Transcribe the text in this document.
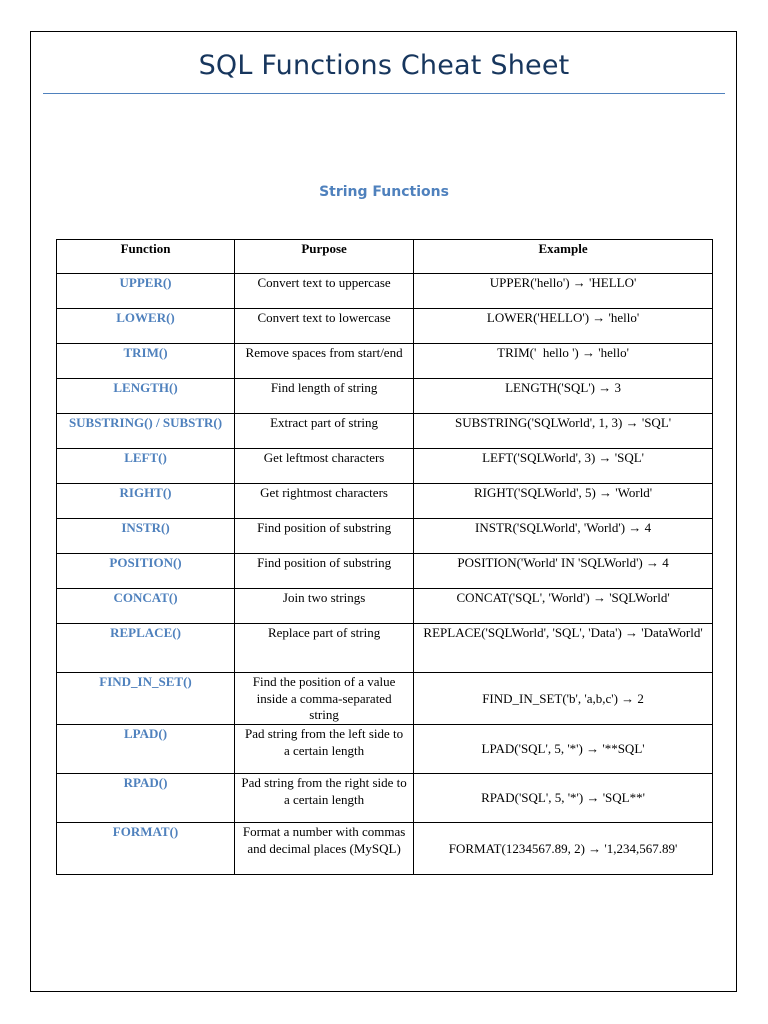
SQL Functions Cheat Sheet
String Functions
Function	Purpose	Example
UPPER()	Convert text to uppercase	UPPER('hello') → 'HELLO'
LOWER()	Convert text to lowercase	LOWER('HELLO') → 'hello'
TRIM()	Remove spaces from start/end	TRIM('  hello ') → 'hello'
LENGTH()	Find length of string	LENGTH('SQL') → 3
SUBSTRING() / SUBSTR()	Extract part of string	SUBSTRING('SQLWorld', 1, 3) → 'SQL'
LEFT()	Get leftmost characters	LEFT('SQLWorld', 3) → 'SQL'
RIGHT()	Get rightmost characters	RIGHT('SQLWorld', 5) → 'World'
INSTR()	Find position of substring	INSTR('SQLWorld', 'World') → 4
POSITION()	Find position of substring	POSITION('World' IN 'SQLWorld') → 4
CONCAT()	Join two strings	CONCAT('SQL', 'World') → 'SQLWorld'
REPLACE()	Replace part of string	REPLACE('SQLWorld', 'SQL', 'Data') → 'DataWorld'
FIND_IN_SET()	Find the position of a value inside a comma-separated string	FIND_IN_SET('b', 'a,b,c') → 2
LPAD()	Pad string from the left side to a certain length	LPAD('SQL', 5, '*') → '**SQL'
RPAD()	Pad string from the right side to a certain length	RPAD('SQL', 5, '*') → 'SQL**'
FORMAT()	Format a number with commas and decimal places (MySQL)	FORMAT(1234567.89, 2) → '1,234,567.89'
